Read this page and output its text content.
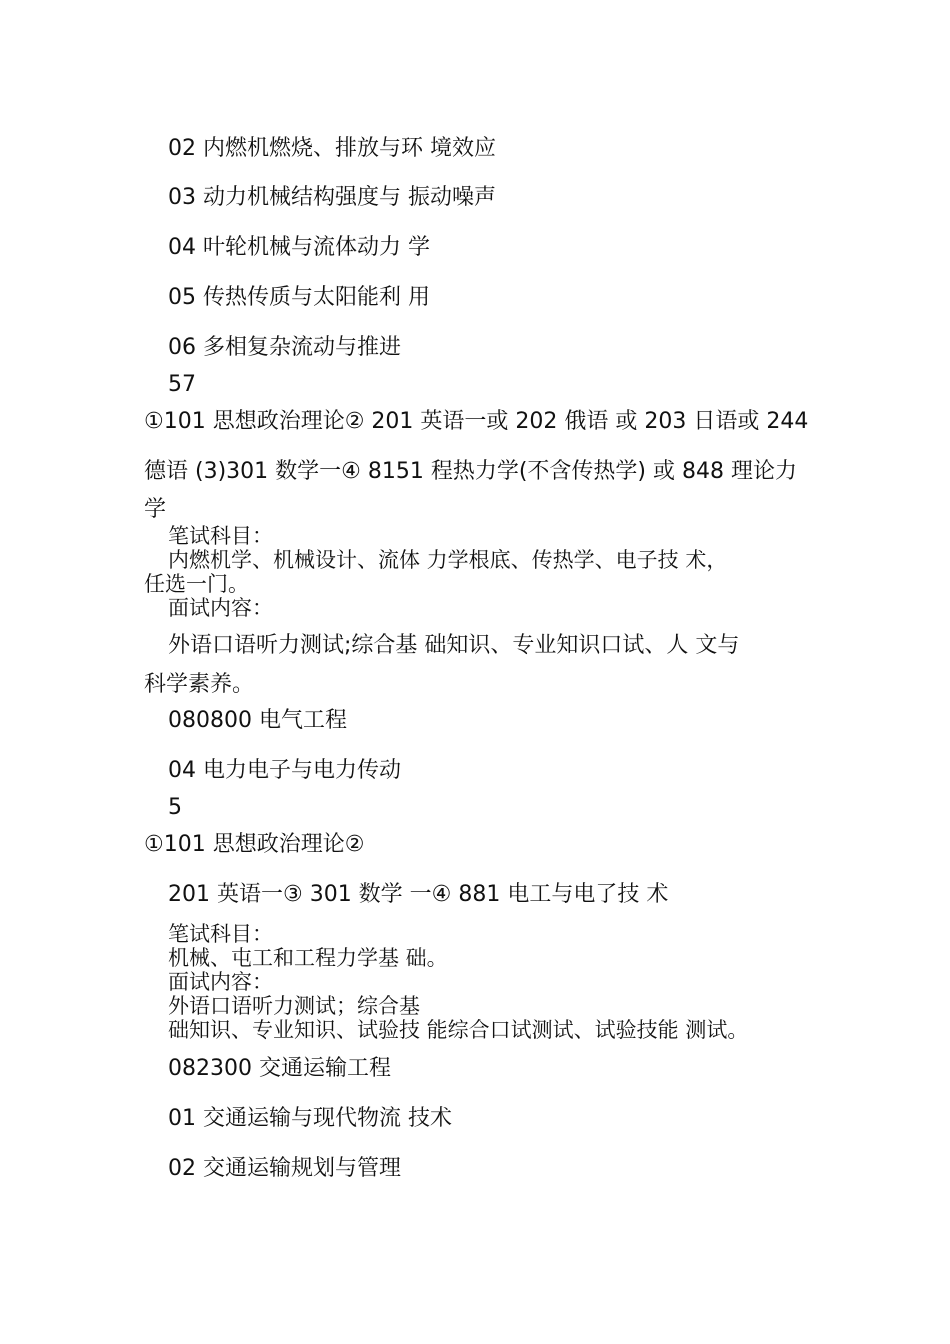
02 内燃机燃烧、排放与环 境效应
03 动力机械结构强度与 振动噪声
04 叶轮机械与流体动力 学
05 传热传质与太阳能利 用
06 多相复杂流动与推进
57
①101 思想政治理论② 201 英语一或 202 俄语 或 203 日语或 244
德语 (3)301 数学一④ 8151 程热力学(不含传热学) 或 848 理论力
学
笔试科目：
内燃机学、机械设计、流体 力学根底、传热学、电子技 术，
任选一门。
面试内容：
外语口语听力测试;综合基 础知识、专业知识口试、人 文与
科学素养。
080800 电气工程
04 电力电子与电力传动
5
①101 思想政治理论②
201 英语一③ 301 数学 一④ 881 电工与电了技 术
笔试科目：
机械、屯工和工程力学基 础。
面试内容：
外语口语听力测试；综合基
础知识、专业知识、试验技 能综合口试测试、试验技能 测试。
082300 交通运输工程
01 交通运输与现代物流 技术
02 交通运输规划与管理
